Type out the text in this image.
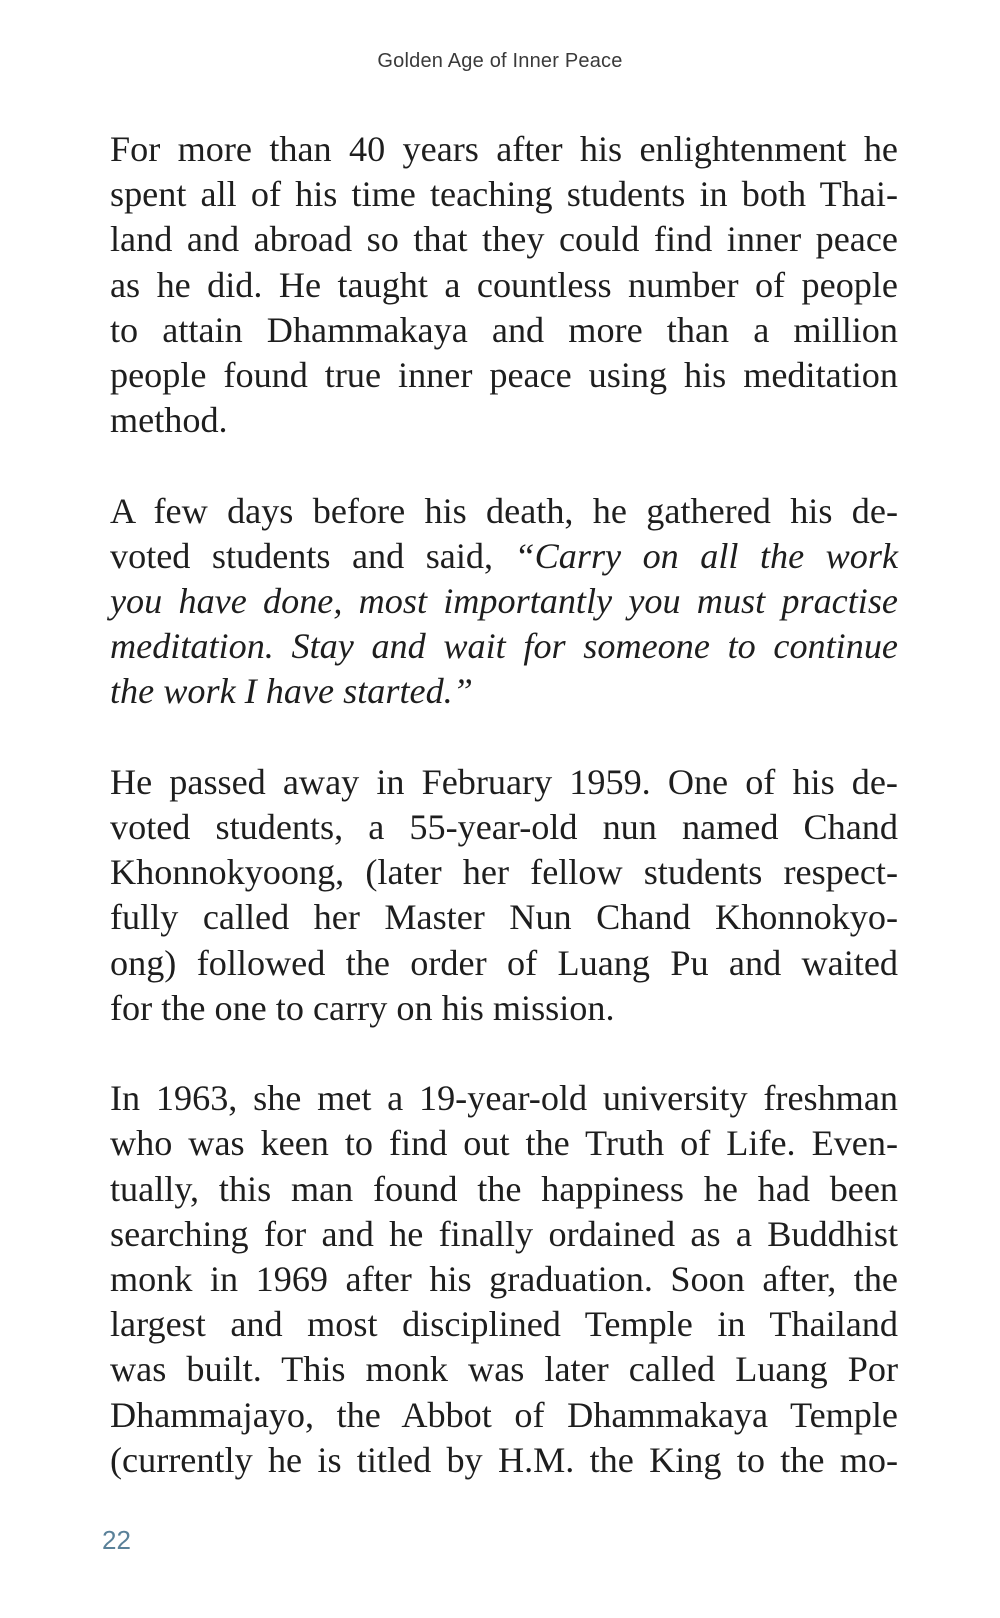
Golden Age of Inner Peace

For more than 40 years after his enlightenment he
spent all of his time teaching students in both Thai-
land and abroad so that they could find inner peace
as he did. He taught a countless number of people
to attain Dhammakaya and more than a million
people found true inner peace using his meditation
method.

A few days before his death, he gathered his de-
voted students and said, “Carry on all the work
you have done, most importantly you must practise
meditation. Stay and wait for someone to continue
the work I have started.”

He passed away in February 1959. One of his de-
voted students, a 55-year-old nun named Chand
Khonnokyoong, (later her fellow students respect-
fully called her Master Nun Chand Khonnokyo-
ong) followed the order of Luang Pu and waited
for the one to carry on his mission.

In 1963, she met a 19-year-old university freshman
who was keen to find out the Truth of Life. Even-
tually, this man found the happiness he had been
searching for and he finally ordained as a Buddhist
monk in 1969 after his graduation. Soon after, the
largest and most disciplined Temple in Thailand
was built. This monk was later called Luang Por
Dhammajayo, the Abbot of Dhammakaya Temple
(currently he is titled by H.M. the King to the mo-

22
